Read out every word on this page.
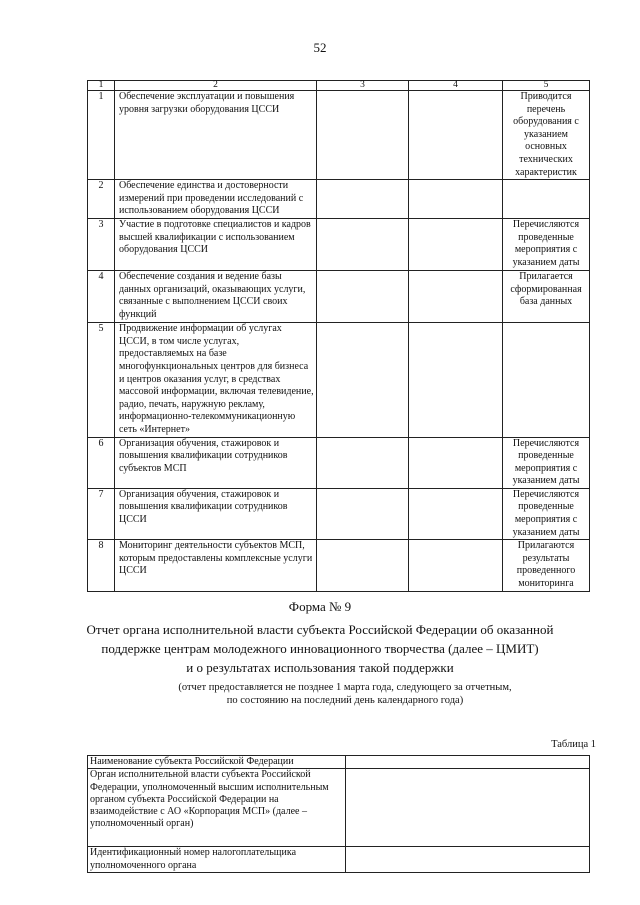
52
1	2	3	4	5
1	Обеспечение эксплуатации и повышения уровня загрузки оборудования ЦССИ			Приводится перечень оборудования с указанием основных технических характеристик
2	Обеспечение единства и достоверности измерений при проведении исследований с использованием оборудования ЦССИ			
3	Участие в подготовке специалистов и кадров высшей квалификации с использованием оборудования ЦССИ			Перечисляются проведенные мероприятия с указанием даты
4	Обеспечение создания и ведение базы данных организаций, оказывающих услуги, связанные с выполнением ЦССИ своих функций			Прилагается сформированная база данных
5	Продвижение информации об услугах ЦССИ, в том числе услугах, предоставляемых на базе многофункциональных центров для бизнеса и центров оказания услуг, в средствах массовой информации, включая телевидение, радио, печать, наружную рекламу, информационно-телекоммуникационную сеть «Интернет»			
6	Организация обучения, стажировок и повышения квалификации сотрудников субъектов МСП			Перечисляются проведенные мероприятия с указанием даты
7	Организация обучения, стажировок и повышения квалификации сотрудников ЦССИ			Перечисляются проведенные мероприятия с указанием даты
8	Мониторинг деятельности субъектов МСП, которым предоставлены комплексные услуги ЦССИ			Прилагаются результаты проведенного мониторинга

Форма № 9

Отчет органа исполнительной власти субъекта Российской Федерации об оказанной
поддержке центрам молодежного инновационного творчества (далее – ЦМИТ)
и о результатах использования такой поддержки
(отчет предоставляется не позднее 1 марта года, следующего за отчетным,
по состоянию на последний день календарного года)
Таблица 1
Наименование субъекта Российской Федерации	
Орган исполнительной власти субъекта Российской Федерации, уполномоченный высшим исполнительным органом субъекта Российской Федерации на взаимодействие с АО «Корпорация МСП» (далее – уполномоченный орган)	
Идентификационный номер налогоплательщика уполномоченного органа	
